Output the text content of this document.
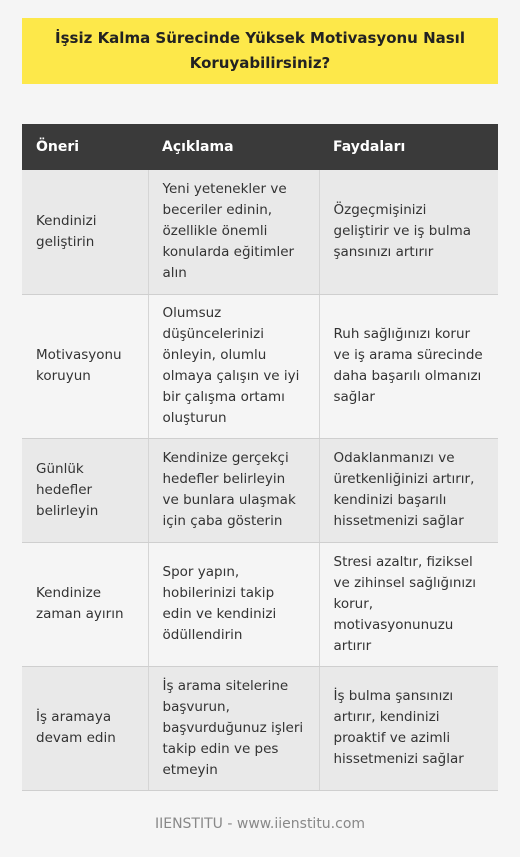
İşsiz Kalma Sürecinde Yüksek Motivasyonu Nasıl Koruyabilirsiniz?
Öneri	Açıklama	Faydaları
Kendinizi geliştirin	Yeni yetenekler ve beceriler edinin, özellikle önemli konularda eğitimler alın	Özgeçmişinizi geliştirir ve iş bulma şansınızı artırır
Motivasyonu koruyun	Olumsuz düşüncelerinizi önleyin, olumlu olmaya çalışın ve iyi bir çalışma ortamı oluşturun	Ruh sağlığınızı korur ve iş arama sürecinde daha başarılı olmanızı sağlar
Günlük hedefler belirleyin	Kendinize gerçekçi hedefler belirleyin ve bunlara ulaşmak için çaba gösterin	Odaklanmanızı ve üretkenliğinizi artırır, kendinizi başarılı hissetmenizi sağlar
Kendinize zaman ayırın	Spor yapın, hobilerinizi takip edin ve kendinizi ödüllendirin	Stresi azaltır, fiziksel ve zihinsel sağlığınızı korur, motivasyonunuzu artırır
İş aramaya devam edin	İş arama sitelerine başvurun, başvurduğunuz işleri takip edin ve pes etmeyin	İş bulma şansınızı artırır, kendinizi proaktif ve azimli hissetmenizi sağlar
IIENSTITU - www.iienstitu.com
